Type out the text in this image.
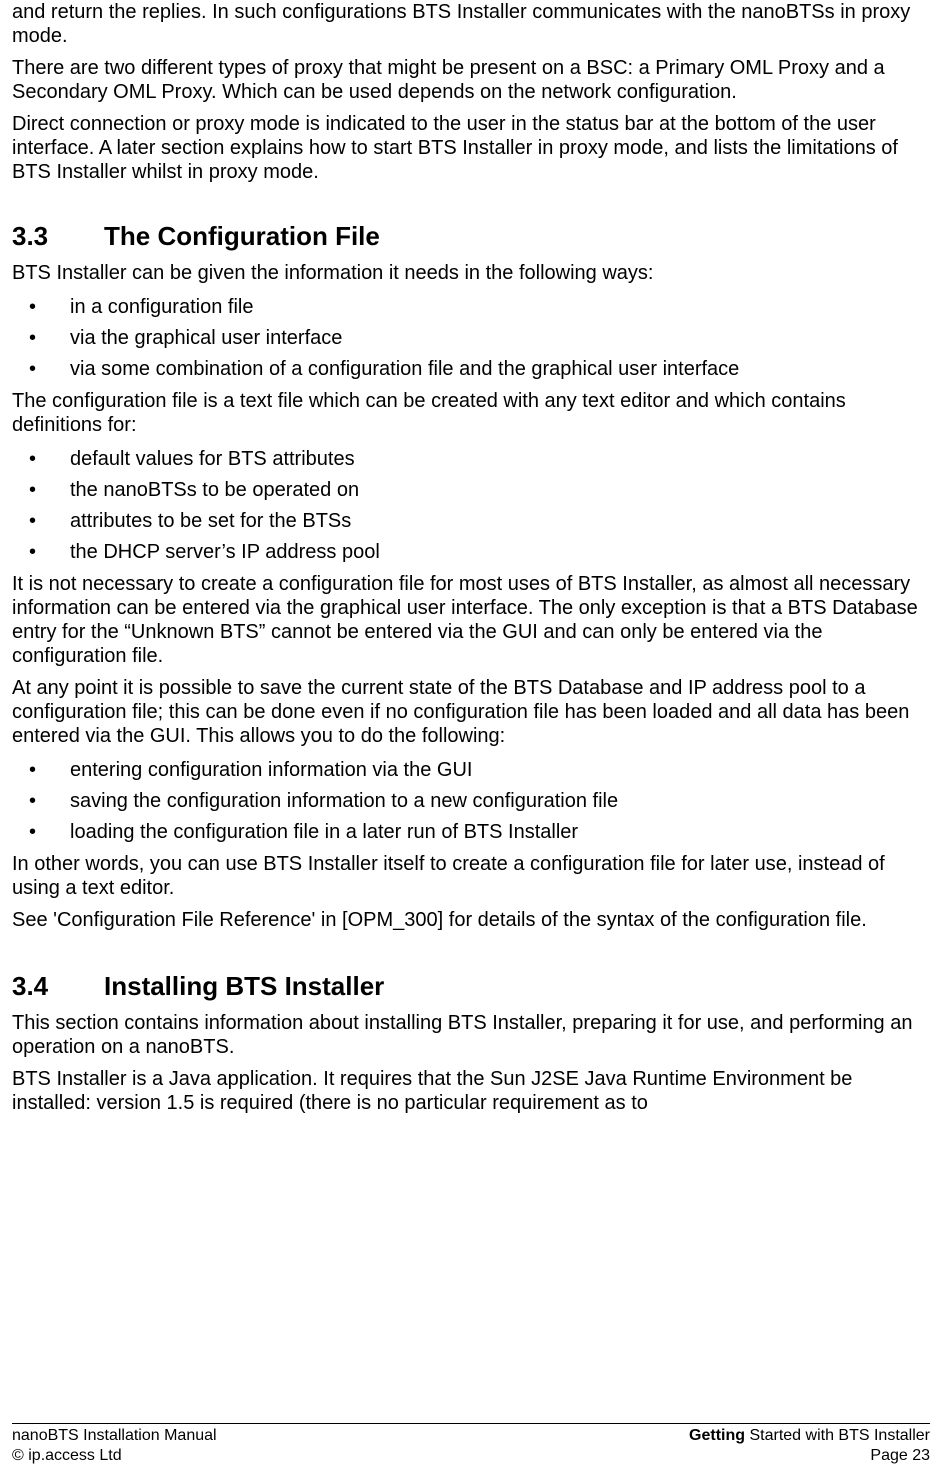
and return the replies. In such configurations BTS Installer communicates with the nanoBTSs in proxy mode.

There are two different types of proxy that might be present on a BSC: a Primary OML Proxy and a Secondary OML Proxy. Which can be used depends on the network configuration.

Direct connection or proxy mode is indicated to the user in the status bar at the bottom of the user interface. A later section explains how to start BTS Installer in proxy mode, and lists the limitations of BTS Installer whilst in proxy mode.

3.3	The Configuration File

BTS Installer can be given the information it needs in the following ways:

• in a configuration file
• via the graphical user interface
• via some combination of a configuration file and the graphical user interface

The configuration file is a text file which can be created with any text editor and which contains definitions for:

• default values for BTS attributes
• the nanoBTSs to be operated on
• attributes to be set for the BTSs
• the DHCP server’s IP address pool

It is not necessary to create a configuration file for most uses of BTS Installer, as almost all necessary information can be entered via the graphical user interface. The only exception is that a BTS Database entry for the “Unknown BTS” cannot be entered via the GUI and can only be entered via the configuration file.

At any point it is possible to save the current state of the BTS Database and IP address pool to a configuration file; this can be done even if no configuration file has been loaded and all data has been entered via the GUI. This allows you to do the following:

• entering configuration information via the GUI
• saving the configuration information to a new configuration file
• loading the configuration file in a later run of BTS Installer

In other words, you can use BTS Installer itself to create a configuration file for later use, instead of using a text editor.

See 'Configuration File Reference' in [OPM_300] for details of the syntax of the configuration file.

3.4	Installing BTS Installer

This section contains information about installing BTS Installer, preparing it for use, and performing an operation on a nanoBTS.

BTS Installer is a Java application. It requires that the Sun J2SE Java Runtime Environment be installed: version 1.5 is required (there is no particular requirement as to

nanoBTS Installation Manual	Getting Started with BTS Installer
© ip.access Ltd	Page 23
